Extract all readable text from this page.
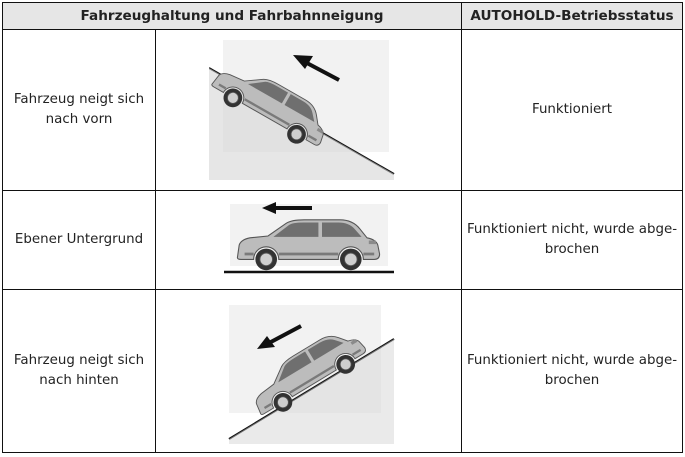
Fahrzeughaltung und Fahrbahnneigung		AUTOHOLD-Betriebsstatus
Fahrzeug neigt sich nach vorn		Funktioniert
Ebener Untergrund		Funktioniert nicht, wurde abge-brochen
Fahrzeug neigt sich nach hinten		Funktioniert nicht, wurde abge-brochen
